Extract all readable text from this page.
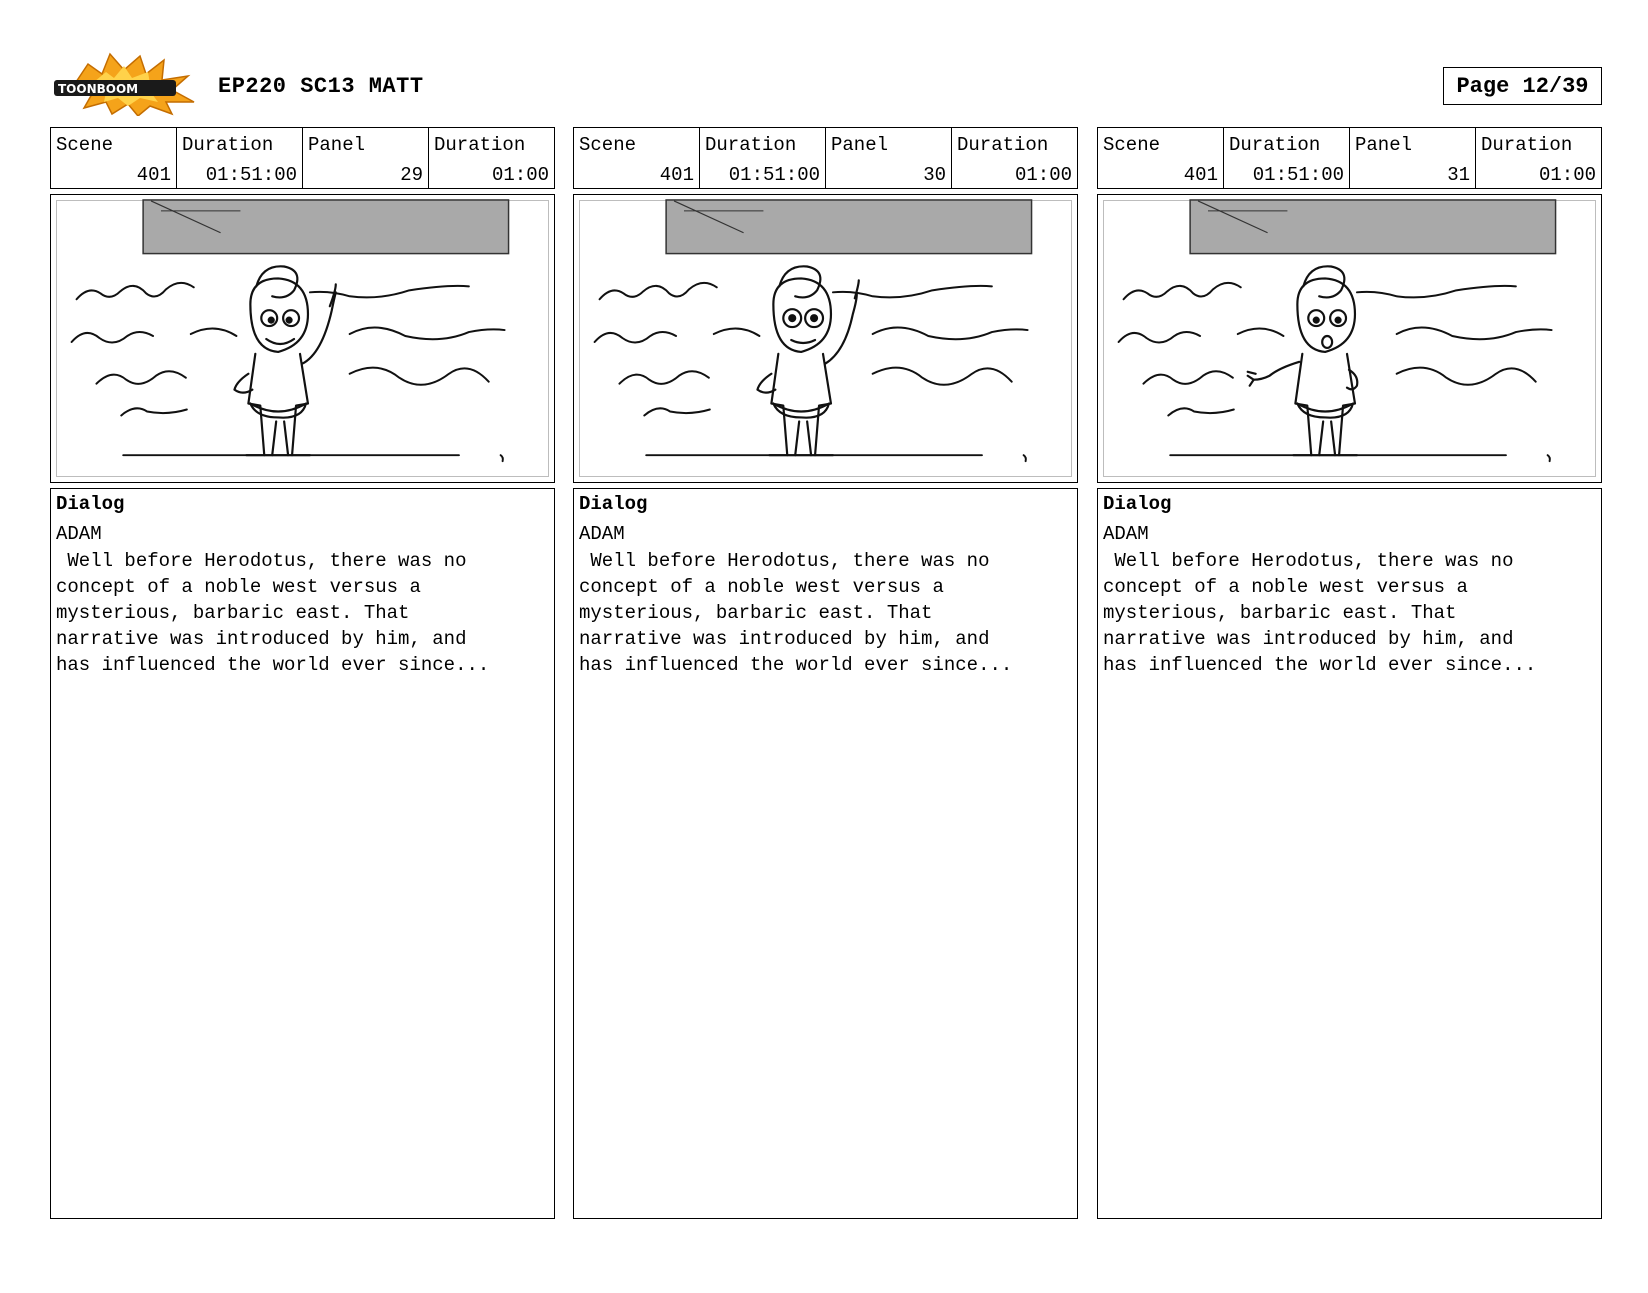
TOONBOOM	EP220 SC13 MATT	Page 12/39
Scene
401
Duration
01:51:00
Panel
29
Duration
01:00
Dialog
ADAM
Well before Herodotus, there was no
concept of a noble west versus a
mysterious, barbaric east. That
narrative was introduced by him, and
has influenced the world ever since...
Scene
401
Duration
01:51:00
Panel
30
Duration
01:00
Dialog
ADAM
Well before Herodotus, there was no
concept of a noble west versus a
mysterious, barbaric east. That
narrative was introduced by him, and
has influenced the world ever since...
Scene
401
Duration
01:51:00
Panel
31
Duration
01:00
Dialog
ADAM
Well before Herodotus, there was no
concept of a noble west versus a
mysterious, barbaric east. That
narrative was introduced by him, and
has influenced the world ever since...
